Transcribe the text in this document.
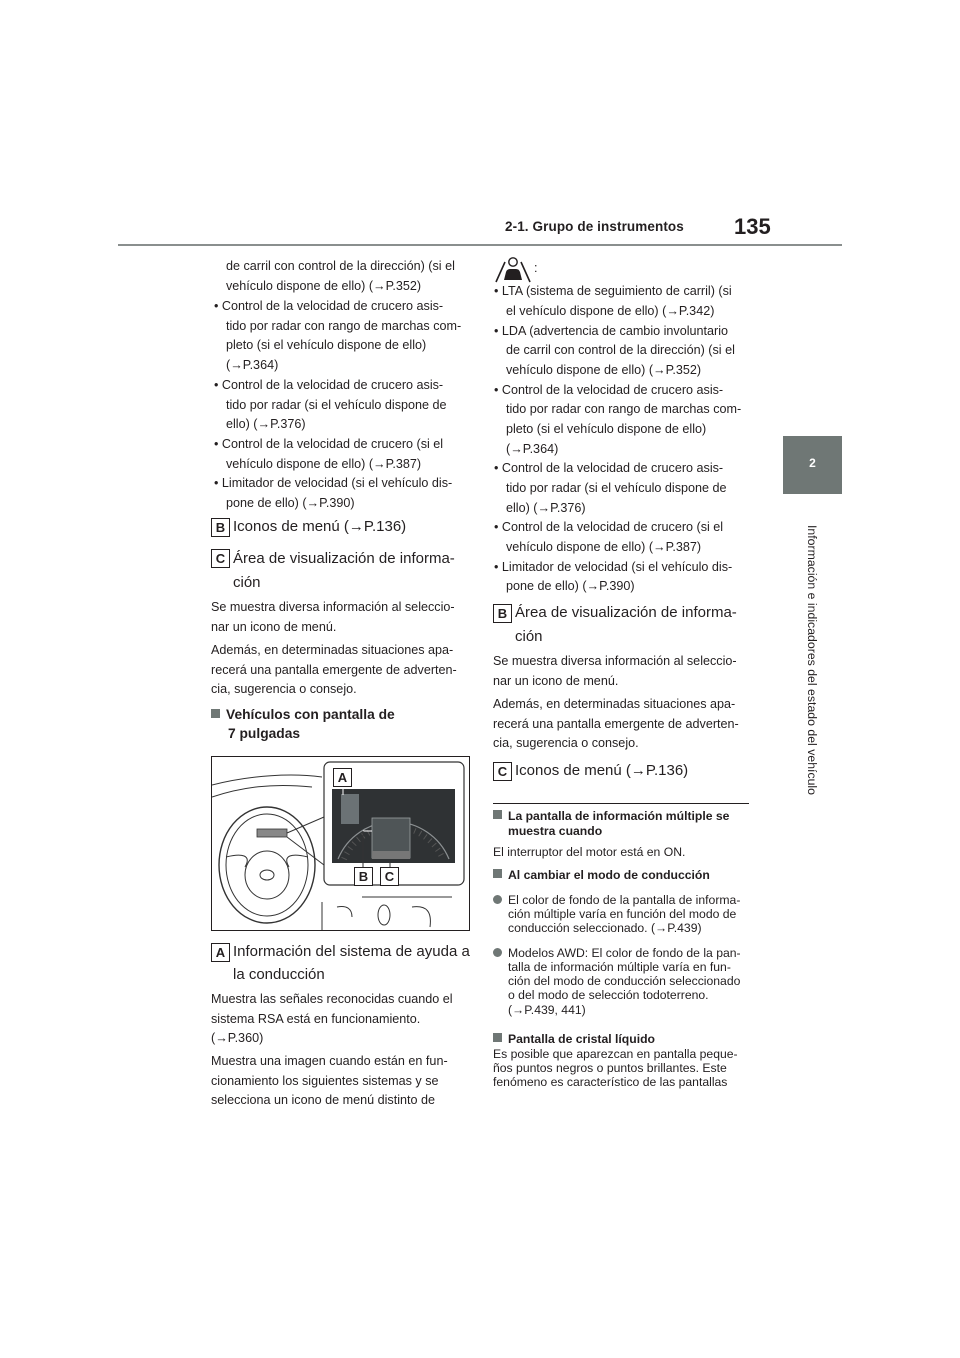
2-1. Grupo de instrumentos 135
2
Información e indicadores del estado del vehículo
de carril con control de la dirección) (si el
vehículo dispone de ello) (→P.352)
• Control de la velocidad de crucero asis-
tido por radar con rango de marchas com-
pleto (si el vehículo dispone de ello)
(→P.364)
• Control de la velocidad de crucero asis-
tido por radar (si el vehículo dispone de
ello) (→P.376)
• Control de la velocidad de crucero (si el
vehículo dispone de ello) (→P.387)
• Limitador de velocidad (si el vehículo dis-
pone de ello) (→P.390)
B Iconos de menú (→P.136)
C Área de visualización de informa-
ción
Se muestra diversa información al seleccio-
nar un icono de menú.
Además, en determinadas situaciones apa-
recerá una pantalla emergente de adverten-
cia, sugerencia o consejo.
Vehículos con pantalla de
7 pulgadas
A
B	C
A Información del sistema de ayuda a
la conducción
Muestra las señales reconocidas cuando el
sistema RSA está en funcionamiento.
(→P.360)
Muestra una imagen cuando están en fun-
cionamiento los siguientes sistemas y se
selecciona un icono de menú distinto de
:
• LTA (sistema de seguimiento de carril) (si
el vehículo dispone de ello) (→P.342)
• LDA (advertencia de cambio involuntario
de carril con control de la dirección) (si el
vehículo dispone de ello) (→P.352)
• Control de la velocidad de crucero asis-
tido por radar con rango de marchas com-
pleto (si el vehículo dispone de ello)
(→P.364)
• Control de la velocidad de crucero asis-
tido por radar (si el vehículo dispone de
ello) (→P.376)
• Control de la velocidad de crucero (si el
vehículo dispone de ello) (→P.387)
• Limitador de velocidad (si el vehículo dis-
pone de ello) (→P.390)
B Área de visualización de informa-
ción
Se muestra diversa información al seleccio-
nar un icono de menú.
Además, en determinadas situaciones apa-
recerá una pantalla emergente de adverten-
cia, sugerencia o consejo.
C Iconos de menú (→P.136)
La pantalla de información múltiple se
muestra cuando
El interruptor del motor está en ON.
Al cambiar el modo de conducción
El color de fondo de la pantalla de informa-
ción múltiple varía en función del modo de
conducción seleccionado. (→P.439)
Modelos AWD: El color de fondo de la pan-
talla de información múltiple varía en fun-
ción del modo de conducción seleccionado
o del modo de selección todoterreno.
(→P.439, 441)
Pantalla de cristal líquido
Es posible que aparezcan en pantalla peque-
ños puntos negros o puntos brillantes. Este
fenómeno es característico de las pantallas
